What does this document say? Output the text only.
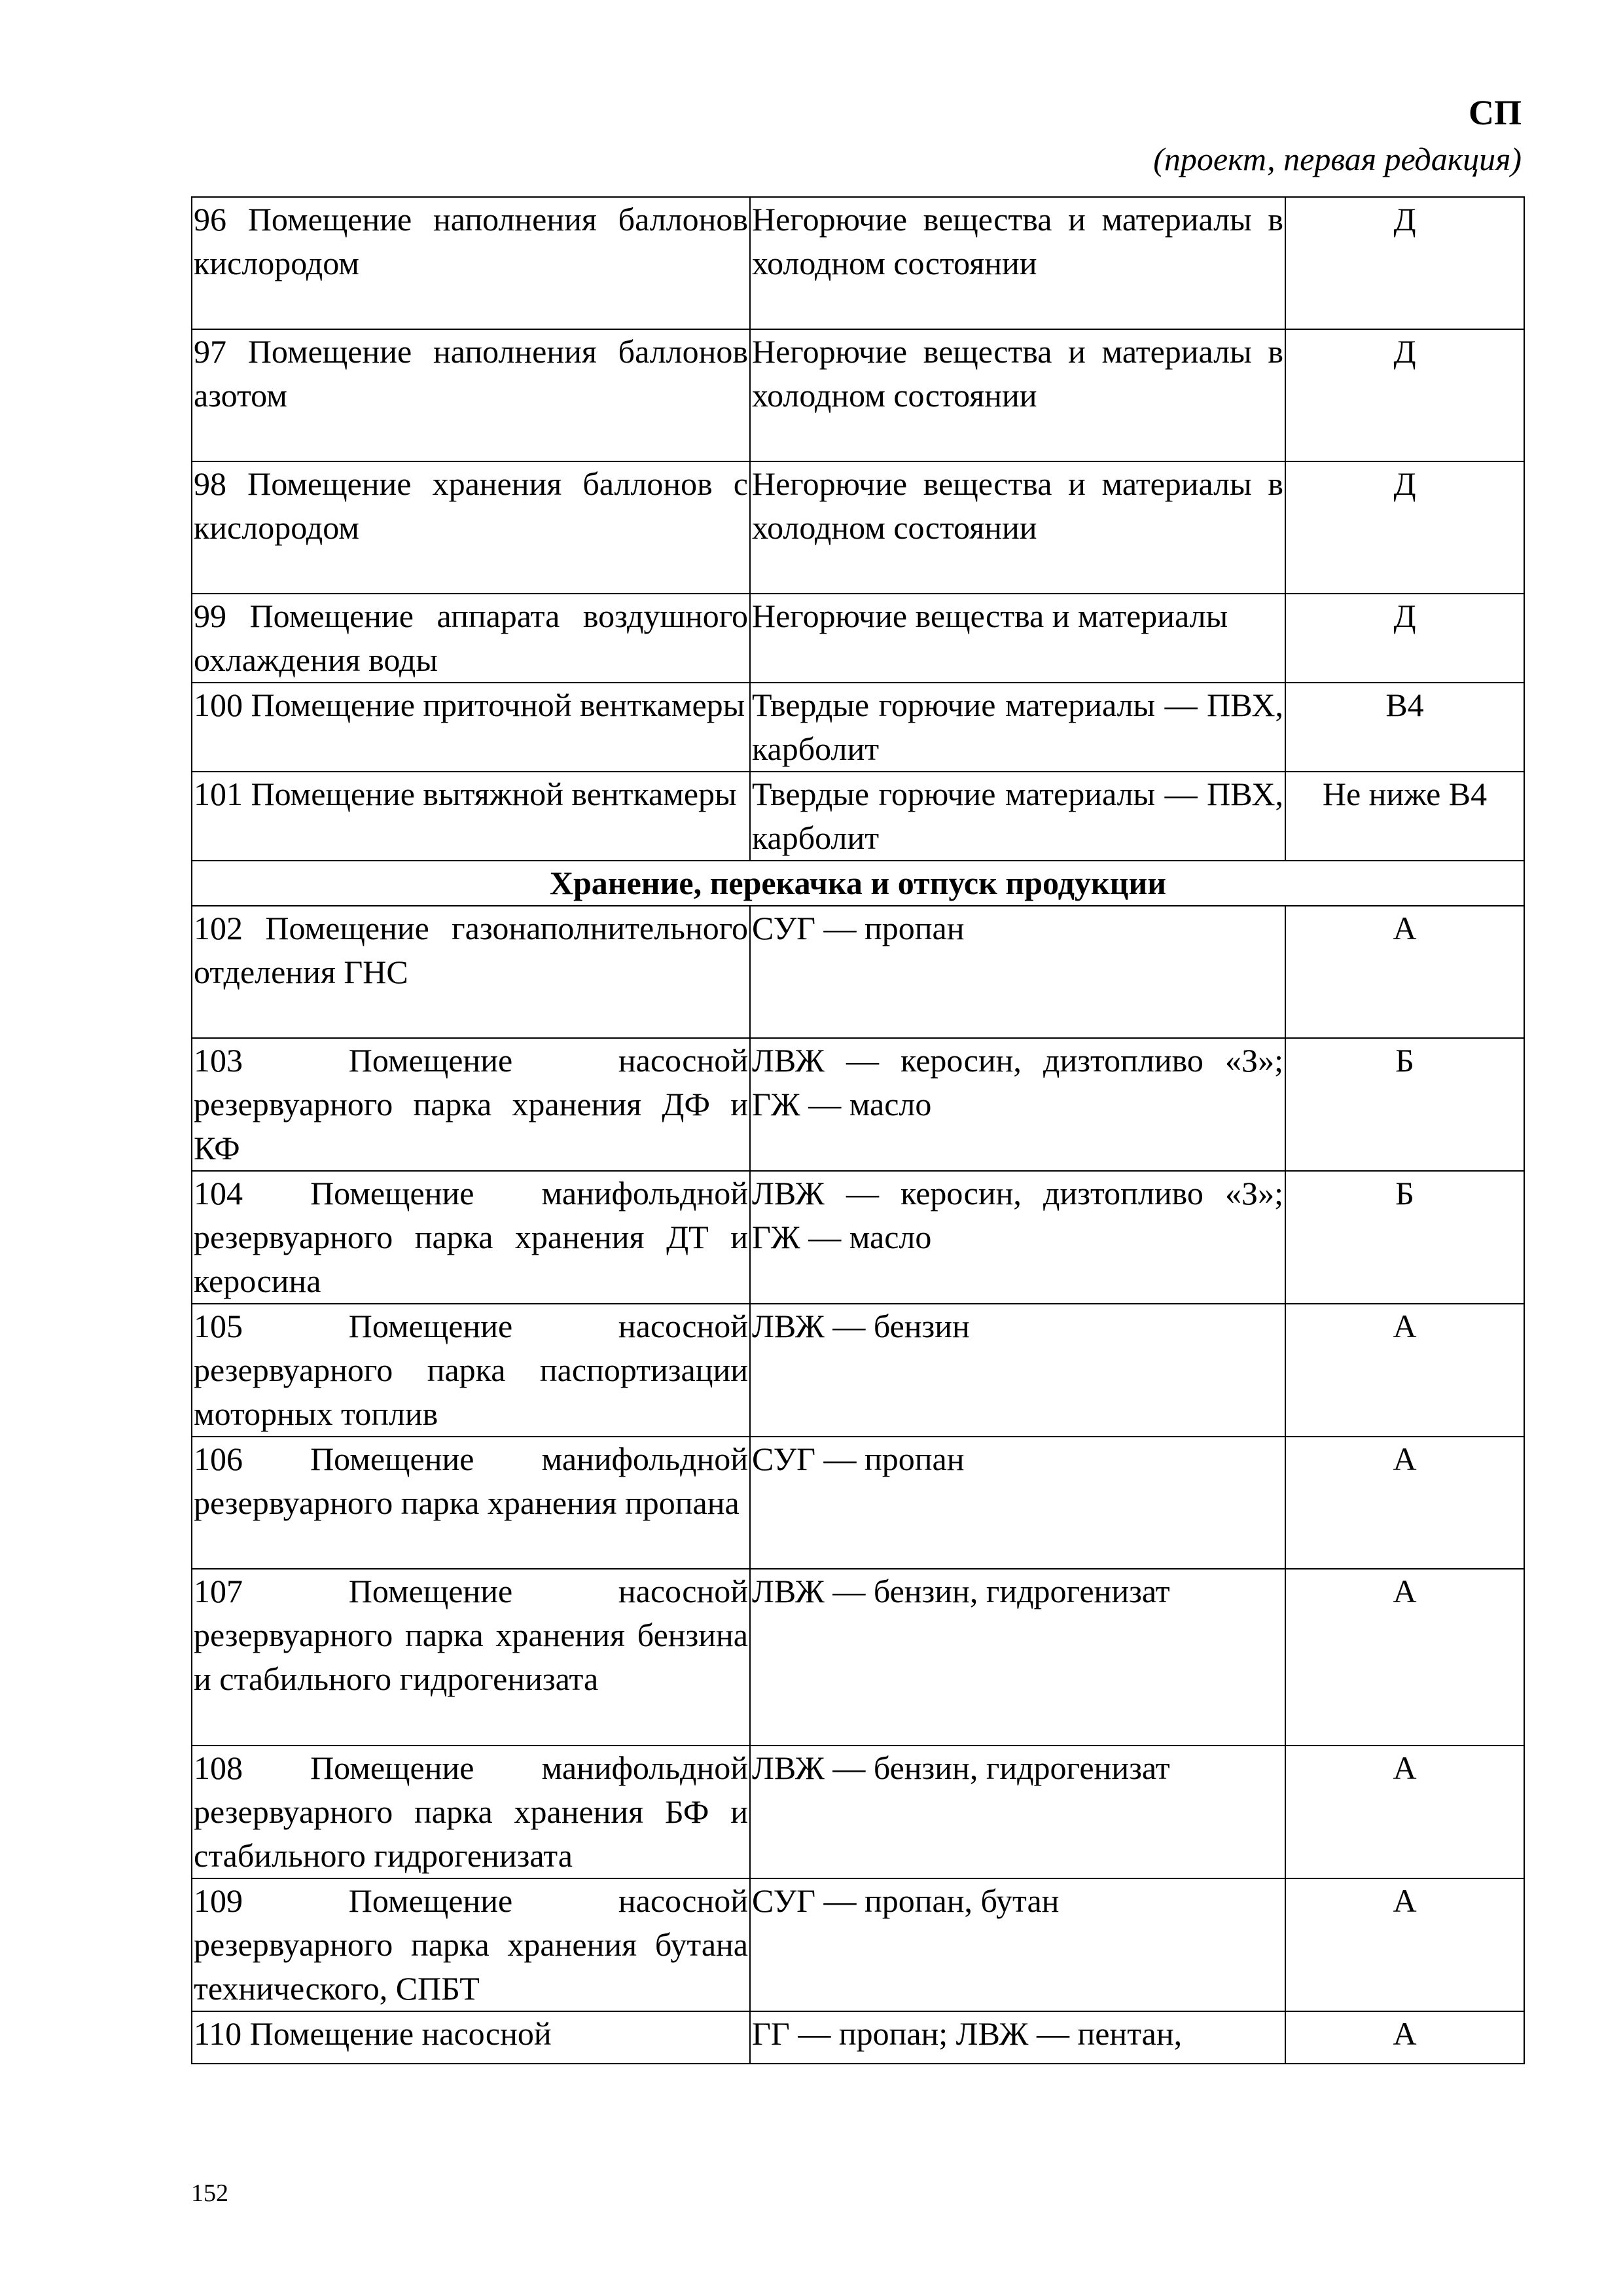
СП
(проект, первая редакция)
96 Помещение наполнения баллонов кислородом	Негорючие вещества и материалы в холодном состоянии	Д
97 Помещение наполнения баллонов азотом	Негорючие вещества и материалы в холодном состоянии	Д
98 Помещение хранения баллонов с кислородом	Негорючие вещества и материалы в холодном состоянии	Д
99 Помещение аппарата воздушного охлаждения воды	Негорючие вещества и материалы	Д
100 Помещение приточной венткамеры	Твердые горючие материалы — ПВХ, карболит	В4
101 Помещение вытяжной венткамеры	Твердые горючие материалы — ПВХ, карболит	Не ниже В4
Хранение, перекачка и отпуск продукции		
102 Помещение газонаполнительного отделения ГНС	СУГ — пропан	А
103 Помещение насосной резервуарного парка хранения ДФ и КФ	ЛВЖ — керосин, дизтопливо «З»; ГЖ — масло	Б
104 Помещение манифольдной резервуарного парка хранения ДТ и керосина	ЛВЖ — керосин, дизтопливо «З»; ГЖ — масло	Б
105 Помещение насосной резервуарного парка паспортизации моторных топлив	ЛВЖ — бензин	А
106 Помещение манифольдной резервуарного парка хранения пропана	СУГ — пропан	А
107 Помещение насосной резервуарного парка хранения бензина и стабильного гидрогенизата	ЛВЖ — бензин, гидрогенизат	А
108 Помещение манифольдной резервуарного парка хранения БФ и стабильного гидрогенизата	ЛВЖ — бензин, гидрогенизат	А
109 Помещение насосной резервуарного парка хранения бутана технического, СПБТ	СУГ — пропан, бутан	А
110 Помещение насосной	ГГ — пропан; ЛВЖ — пентан,	А
152
